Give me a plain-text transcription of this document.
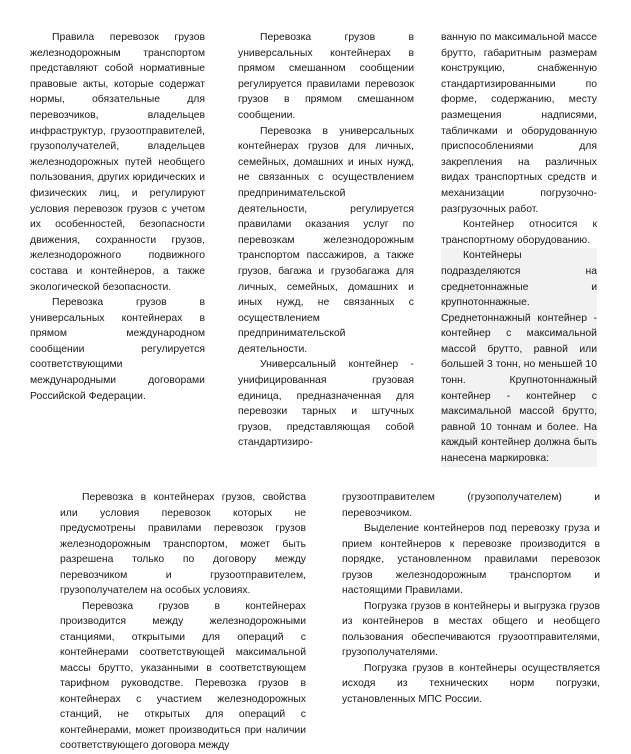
Правила перевозок грузов железнодорожным транспортом представляют собой нормативные правовые акты, которые содержат нормы, обязательные для перевозчиков, владельцев инфраструктур, грузоотправителей, грузополучателей, владельцев железнодорожных путей необщего пользования, других юридических и физических лиц, и регулируют условия перевозок грузов с учетом их особенностей, безопасности движения, сохранности грузов, железнодорожного подвижного состава и контейнеров, а также экологической безопасности.

Перевозка грузов в универсальных контейнерах в прямом международном сообщении регулируется соответствующими международными договорами Российской Федерации.

Перевозка грузов в универсальных контейнерах в прямом смешанном сообщении регулируется правилами перевозок грузов в прямом смешанном сообщении.

Перевозка в универсальных контейнерах грузов для личных, семейных, домашних и иных нужд, не связанных с осуществлением предпринимательской деятельности, регулируется правилами оказания услуг по перевозкам железнодорожным транспортом пассажиров, а также грузов, багажа и грузобагажа для личных, семейных, домашних и иных нужд, не связанных с осуществлением предпринимательской деятельности.

Универсальный контейнер - унифицированная грузовая единица, предназначенная для перевозки тарных и штучных грузов, представляющая собой стандартизиро-

ванную по максимальной массе брутто, габаритным размерам конструкцию, снабженную стандартизированными по форме, содержанию, месту размещения надписями, табличками и оборудованную приспособлениями для закрепления на различных видах транспортных средств и механизации погрузочно-разгрузочных работ.

Контейнер относится к транспортному оборудованию.

Контейнеры подразделяются на среднетоннажные и крупнотоннажные. Среднетоннажный контейнер - контейнер с максимальной массой брутто, равной или большей 3 тонн, но меньшей 10 тонн. Крупнотоннажный контейнер - контейнер с максимальной массой брутто, равной 10 тоннам и более. На каждый контейнер должна быть нанесена маркировка:

Перевозка в контейнерах грузов, свойства или условия перевозок которых не предусмотрены правилами перевозок грузов железнодорожным транспортом, может быть разрешена только по договору между перевозчиком и грузоотправителем, грузополучателем на особых условиях.

Перевозка грузов в контейнерах производится между железнодорожными станциями, открытыми для операций с контейнерами соответствующей максимальной массы брутто, указанными в соответствующем тарифном руководстве. Перевозка грузов в контейнерах с участием железнодорожных станций, не открытых для операций с контейнерами, может производиться при наличии соответствующего договора между

грузоотправителем (грузополучателем) и перевозчиком.

Выделение контейнеров под перевозку груза и прием контейнеров к перевозке производится в порядке, установленном правилами перевозок грузов железнодорожным транспортом и настоящими Правилами.

Погрузка грузов в контейнеры и выгрузка грузов из контейнеров в местах общего и необщего пользования обеспечиваются грузоотправителями, грузополучателями.

Погрузка грузов в контейнеры осуществляется исходя из технических норм погрузки, установленных МПС России.
